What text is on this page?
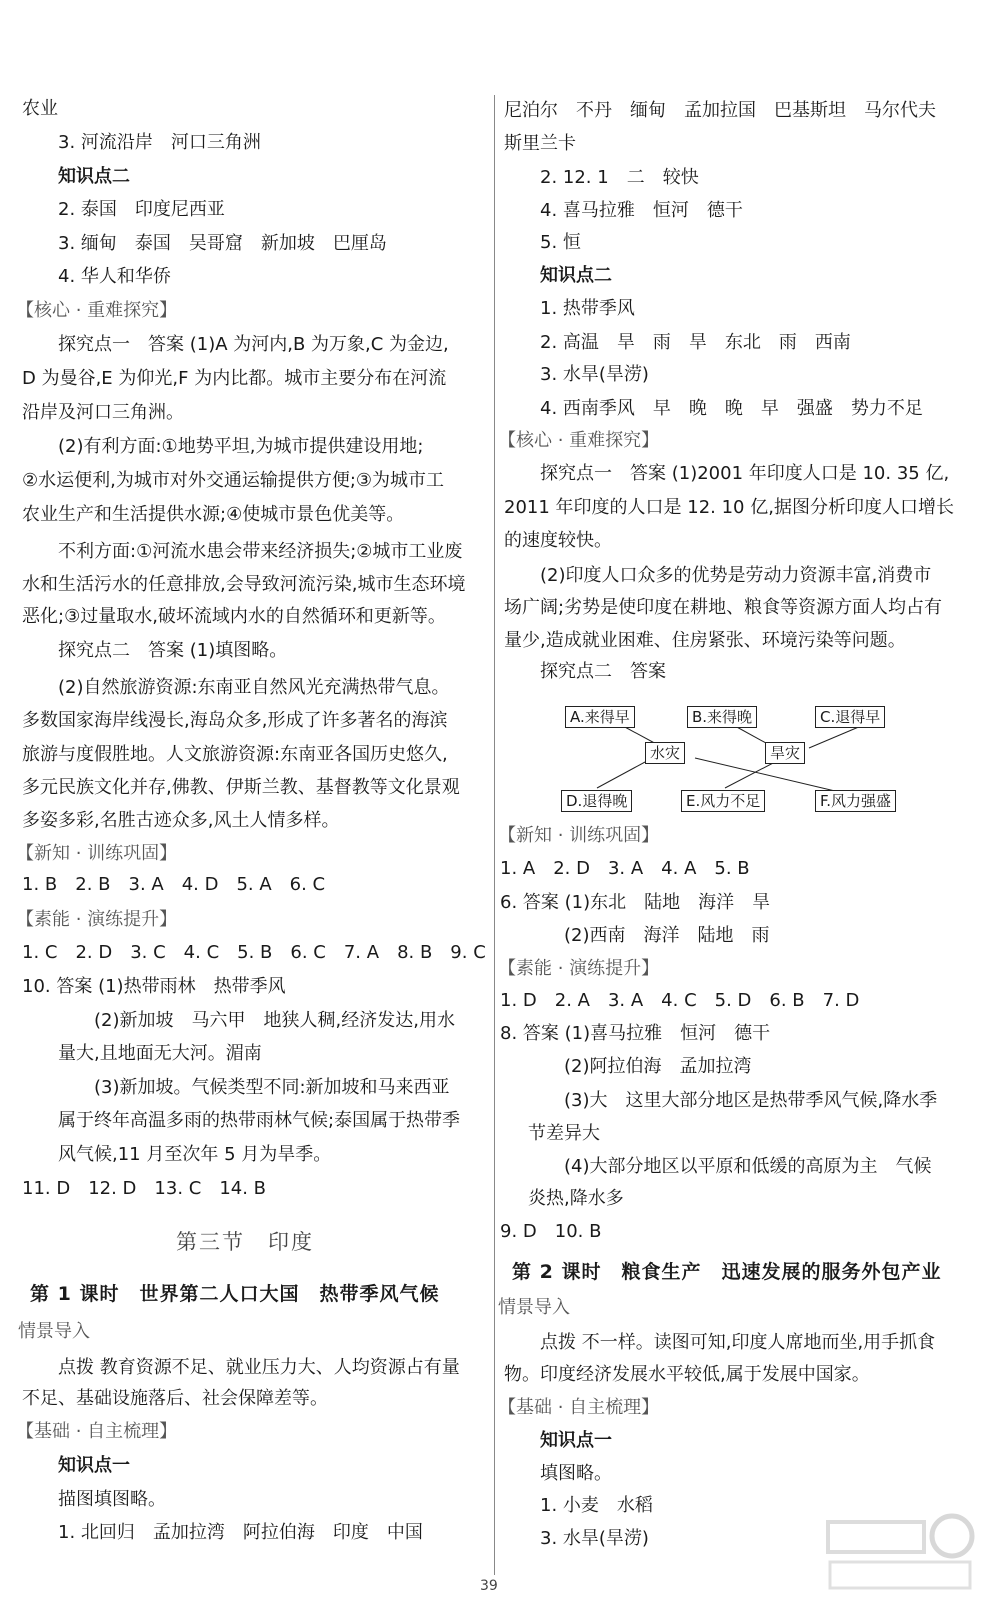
农业
3. 河流沿岸　河口三角洲
知识点二
2. 泰国　印度尼西亚
3. 缅甸　泰国　吴哥窟　新加坡　巴厘岛
4. 华人和华侨
【核心 · 重难探究】
探究点一　答案 (1)A 为河内,B 为万象,C 为金边,
D 为曼谷,E 为仰光,F 为内比都。城市主要分布在河流
沿岸及河口三角洲。
(2)有利方面:①地势平坦,为城市提供建设用地;
②水运便利,为城市对外交通运输提供方便;③为城市工
农业生产和生活提供水源;④使城市景色优美等。
不利方面:①河流水患会带来经济损失;②城市工业废
水和生活污水的任意排放,会导致河流污染,城市生态环境
恶化;③过量取水,破坏流域内水的自然循环和更新等。
探究点二　答案 (1)填图略。
(2)自然旅游资源:东南亚自然风光充满热带气息。
多数国家海岸线漫长,海岛众多,形成了许多著名的海滨
旅游与度假胜地。人文旅游资源:东南亚各国历史悠久,
多元民族文化并存,佛教、伊斯兰教、基督教等文化景观
多姿多彩,名胜古迹众多,风土人情多样。
【新知 · 训练巩固】
1. B　2. B　3. A　4. D　5. A　6. C
【素能 · 演练提升】
1. C　2. D　3. C　4. C　5. B　6. C　7. A　8. B　9. C
10. 答案 (1)热带雨林　热带季风
(2)新加坡　马六甲　地狭人稠,经济发达,用水
量大,且地面无大河。湄南
(3)新加坡。气候类型不同:新加坡和马来西亚
属于终年高温多雨的热带雨林气候;泰国属于热带季
风气候,11 月至次年 5 月为旱季。
11. D　12. D　13. C　14. B
第 1 课时　世界第二人口大国　热带季风气候
情景导入
点拨 教育资源不足、就业压力大、人均资源占有量
不足、基础设施落后、社会保障差等。
【基础 · 自主梳理】
知识点一
描图填图略。
1. 北回归　孟加拉湾　阿拉伯海　印度　中国
尼泊尔　不丹　缅甸　孟加拉国　巴基斯坦　马尔代夫
斯里兰卡
2. 12. 1　二　较快
4. 喜马拉雅　恒河　德干
5. 恒
知识点二
1. 热带季风
2. 高温　旱　雨　旱　东北　雨　西南
3. 水旱(旱涝)
4. 西南季风　早　晚　晚　早　强盛　势力不足
【核心 · 重难探究】
探究点一　答案 (1)2001 年印度人口是 10. 35 亿,
2011 年印度的人口是 12. 10 亿,据图分析印度人口增长
的速度较快。
(2)印度人口众多的优势是劳动力资源丰富,消费市
场广阔;劣势是使印度在耕地、粮食等资源方面人均占有
量少,造成就业困难、住房紧张、环境污染等问题。
探究点二　答案
【新知 · 训练巩固】
1. A　2. D　3. A　4. A　5. B
6. 答案 (1)东北　陆地　海洋　旱
(2)西南　海洋　陆地　雨
【素能 · 演练提升】
1. D　2. A　3. A　4. C　5. D　6. B　7. D
8. 答案 (1)喜马拉雅　恒河　德干
(2)阿拉伯海　孟加拉湾
(3)大　这里大部分地区是热带季风气候,降水季
节差异大
(4)大部分地区以平原和低缓的高原为主　气候
炎热,降水多
9. D　10. B
第 2 课时　粮食生产　迅速发展的服务外包产业
情景导入
点拨 不一样。读图可知,印度人席地而坐,用手抓食
物。印度经济发展水平较低,属于发展中国家。
【基础 · 自主梳理】
知识点一
填图略。
1. 小麦　水稻
3. 水旱(旱涝)
第三节　印度
A.来得早	B.来得晚	C.退得早
水灾	旱灾
D.退得晚	E.风力不足	F.风力强盛
39
